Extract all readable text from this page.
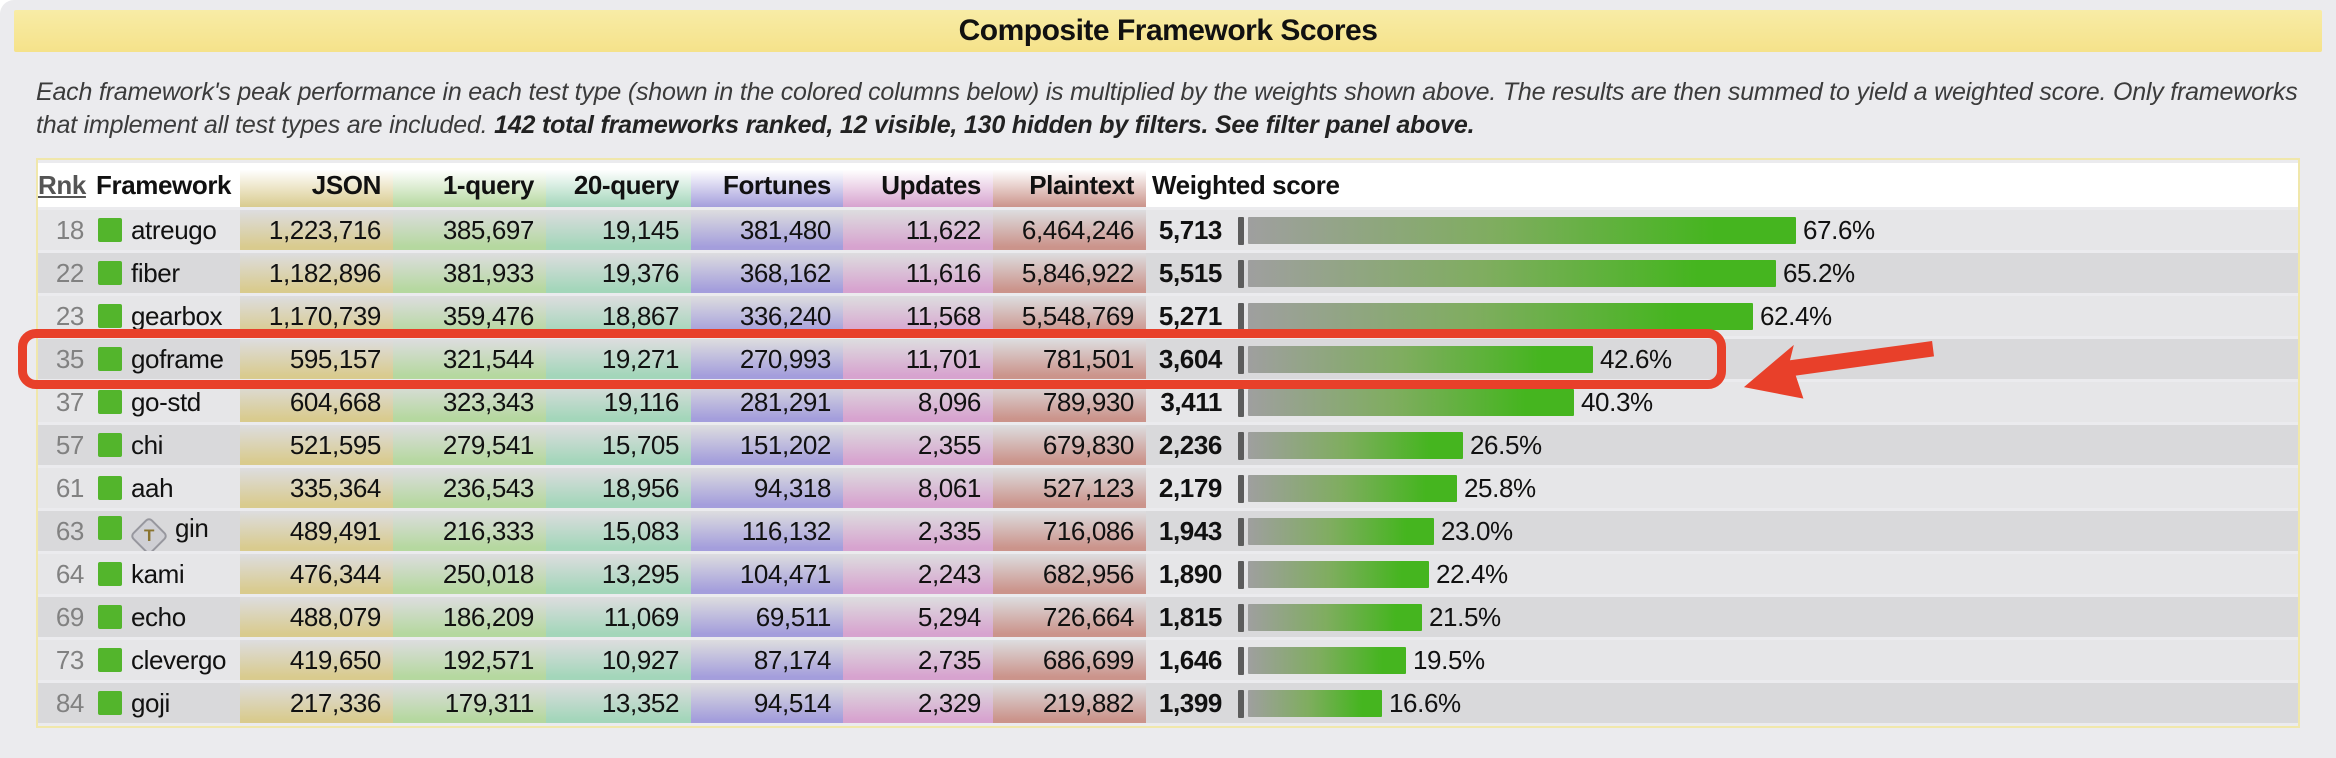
Composite Framework Scores

Each framework's peak performance in each test type (shown in the colored columns below) is multiplied by the weights shown above. The results are then summed to yield a weighted score. Only frameworks that implement all test types are included. 142 total frameworks ranked, 12 visible, 130 hidden by filters. See filter panel above.

Rnk	Framework	JSON	1-query	20-query	Fortunes	Updates	Plaintext	Weighted score	
18	atreugo	1,223,716	385,697	19,145	381,480	11,622	6,464,246	5,713	67.6%
22	fiber	1,182,896	381,933	19,376	368,162	11,616	5,846,922	5,515	65.2%
23	gearbox	1,170,739	359,476	18,867	336,240	11,568	5,548,769	5,271	62.4%
35	goframe	595,157	321,544	19,271	270,993	11,701	781,501	3,604	42.6%
37	go-std	604,668	323,343	19,116	281,291	8,096	789,930	3,411	40.3%
57	chi	521,595	279,541	15,705	151,202	2,355	679,830	2,236	26.5%
61	aah	335,364	236,543	18,956	94,318	8,061	527,123	2,179	25.8%
63	T gin	489,491	216,333	15,083	116,132	2,335	716,086	1,943	23.0%
64	kami	476,344	250,018	13,295	104,471	2,243	682,956	1,890	22.4%
69	echo	488,079	186,209	11,069	69,511	5,294	726,664	1,815	21.5%
73	clevergo	419,650	192,571	10,927	87,174	2,735	686,699	1,646	19.5%
84	goji	217,336	179,311	13,352	94,514	2,329	219,882	1,399	16.6%
